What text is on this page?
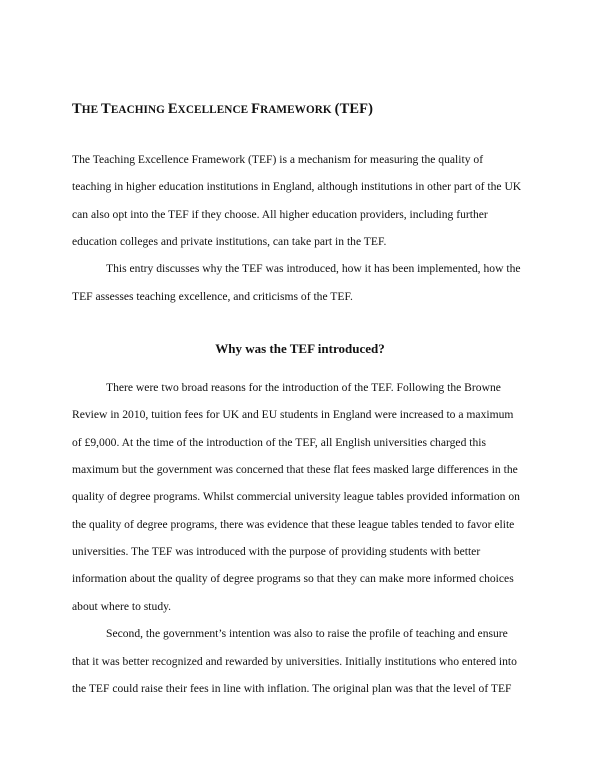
THE TEACHING EXCELLENCE FRAMEWORK (TEF)

The Teaching Excellence Framework (TEF) is a mechanism for measuring the quality of

teaching in higher education institutions in England, although institutions in other part of the UK

can also opt into the TEF if they choose. All higher education providers, including further

education colleges and private institutions, can take part in the TEF.

This entry discusses why the TEF was introduced, how it has been implemented, how the

TEF assesses teaching excellence, and criticisms of the TEF.

Why was the TEF introduced?

There were two broad reasons for the introduction of the TEF. Following the Browne

Review in 2010, tuition fees for UK and EU students in England were increased to a maximum

of £9,000. At the time of the introduction of the TEF, all English universities charged this

maximum but the government was concerned that these flat fees masked large differences in the

quality of degree programs. Whilst commercial university league tables provided information on

the quality of degree programs, there was evidence that these league tables tended to favor elite

universities. The TEF was introduced with the purpose of providing students with better

information about the quality of degree programs so that they can make more informed choices

about where to study.

Second, the government’s intention was also to raise the profile of teaching and ensure

that it was better recognized and rewarded by universities. Initially institutions who entered into

the TEF could raise their fees in line with inflation. The original plan was that the level of TEF
